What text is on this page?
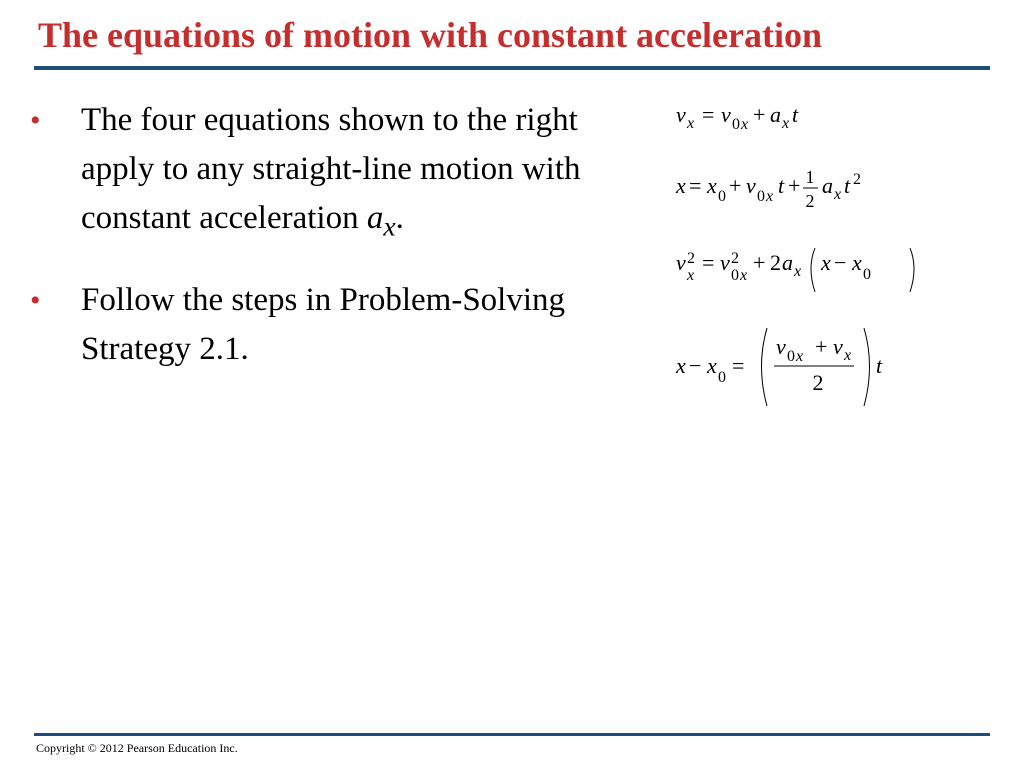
The equations of motion with constant acceleration
• The four equations shown to the right apply to any straight-line motion with constant acceleration $a_x$.
• Follow the steps in Problem-Solving Strategy 2.1.
v x = v 0 x + a x t
x = x 0 + v 0 x t + 1
2
a x t 2
v 2
x
= v 2
0 x
+ 2 a x x − x 0
x − x 0 =
v 0 x + v x
2
t
Copyright © 2012 Pearson Education Inc.
